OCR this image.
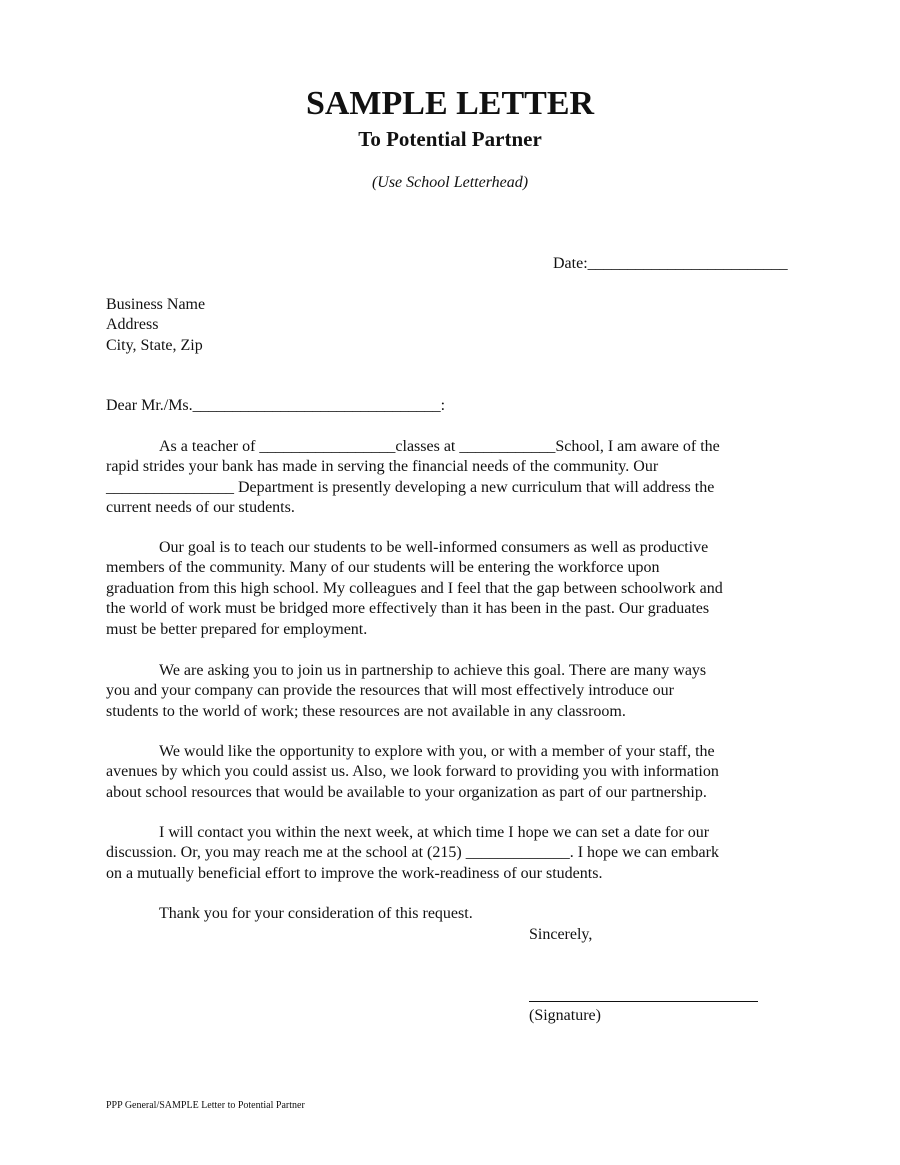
SAMPLE LETTER
To Potential Partner
(Use School Letterhead)
Date:_________________________
Business Name
Address
City, State, Zip
Dear Mr./Ms._______________________________:
As a teacher of _________________classes at ____________School, I am aware of the
rapid strides your bank has made in serving the financial needs of the community. Our
________________ Department is presently developing a new curriculum that will address the
current needs of our students.
Our goal is to teach our students to be well-informed consumers as well as productive
members of the community. Many of our students will be entering the workforce upon
graduation from this high school. My colleagues and I feel that the gap between schoolwork and
the world of work must be bridged more effectively than it has been in the past. Our graduates
must be better prepared for employment.
We are asking you to join us in partnership to achieve this goal. There are many ways
you and your company can provide the resources that will most effectively introduce our
students to the world of work; these resources are not available in any classroom.
We would like the opportunity to explore with you, or with a member of your staff, the
avenues by which you could assist us. Also, we look forward to providing you with information
about school resources that would be available to your organization as part of our partnership.
I will contact you within the next week, at which time I hope we can set a date for our
discussion. Or, you may reach me at the school at (215) _____________. I hope we can embark
on a mutually beneficial effort to improve the work-readiness of our students.
Thank you for your consideration of this request.
Sincerely,
(Signature)
PPP General/SAMPLE Letter to Potential Partner
